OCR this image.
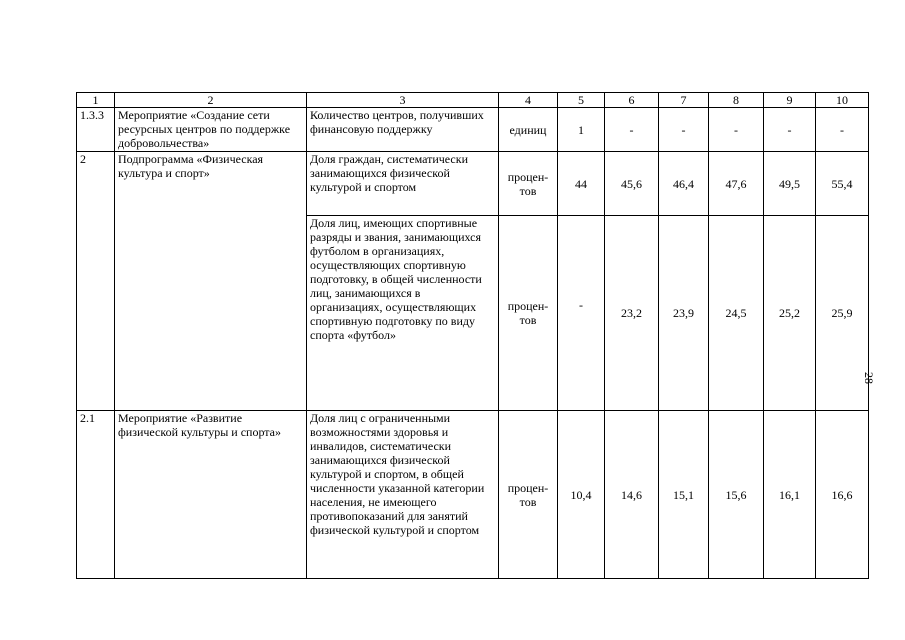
1	2	3	4	5	6	7	8	9	10
1.3.3	Мероприятие «Создание сети ресурсных центров по поддержке добровольчества»	Количество центров, получивших финансовую поддержку	единиц	1	-	-	-	-	-
2	Подпрограмма «Физическая культура и спорт»	Доля граждан, систематически занимающихся физической культурой и спортом	процен-тов	44	45,6	46,4	47,6	49,5	55,4
		Доля лиц, имеющих спортивные разряды и звания, занимающихся футболом в организациях, осуществляющих спортивную подготовку, в общей численности лиц, занимающихся в организациях, осуществляющих спортивную подготовку по виду спорта «футбол»	процен-тов	-	23,2	23,9	24,5	25,2	25,9
2.1	Мероприятие «Развитие физической культуры и спорта»	Доля лиц с ограниченными возможностями здоровья и инвалидов, систематически занимающихся физической культурой и спортом, в общей численности указанной категории населения, не имеющего противопоказаний для занятий физической культурой и спортом	процен-тов	10,4	14,6	15,1	15,6	16,1	16,6
28
